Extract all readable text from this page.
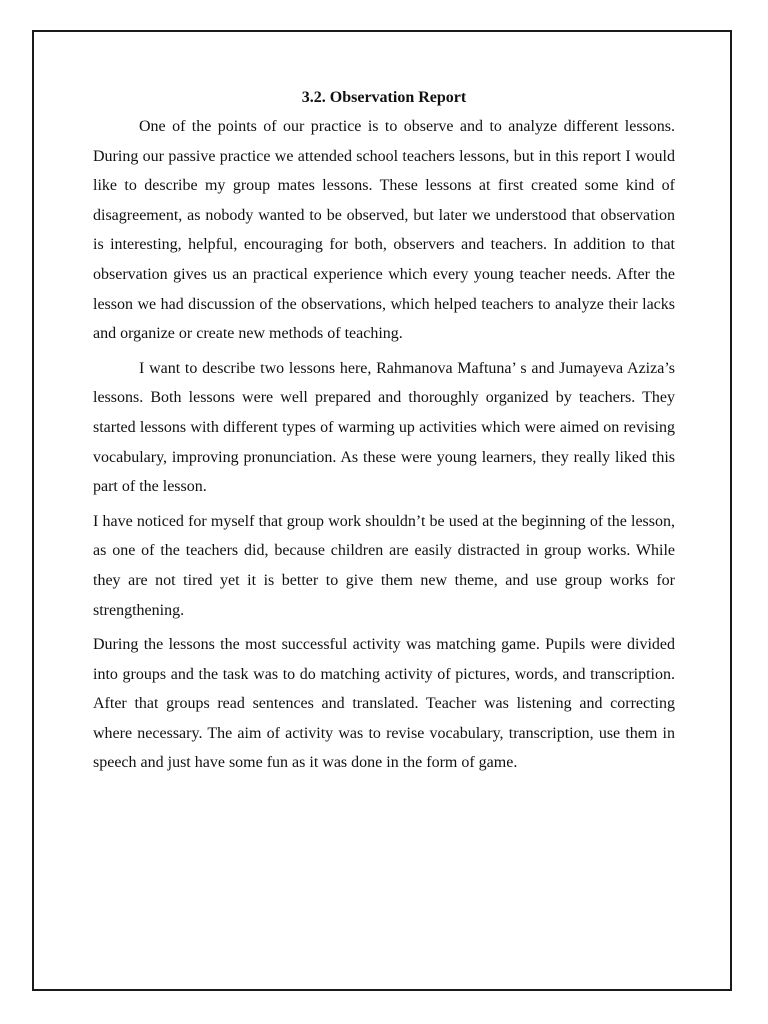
3.2. Observation Report

One of the points of our practice is to observe and to analyze different lessons. During our passive practice we attended school teachers lessons, but in this report I would like to describe my group mates lessons. These lessons at first created some kind of disagreement, as nobody wanted to be observed, but later we understood that observation is interesting, helpful, encouraging for both, observers and teachers. In addition to that observation gives us an practical experience which every young teacher needs. After the lesson we had discussion of the observations, which helped teachers to analyze their lacks and organize or create new methods of teaching.

I want to describe two lessons here, Rahmanova Maftuna’ s and Jumayeva Aziza’s lessons. Both lessons were well prepared and thoroughly organized by teachers. They started lessons with different types of warming up activities which were aimed on revising vocabulary, improving pronunciation. As these were young learners, they really liked this part of the lesson.

I have noticed for myself that group work shouldn’t be used at the beginning of the lesson, as one of the teachers did, because children are easily distracted in group works. While they are not tired yet it is better to give them new theme, and use group works for strengthening.

During the lessons the most successful activity was matching game. Pupils were divided into groups and the task was to do matching activity of pictures, words, and transcription. After that groups read sentences and translated. Teacher was listening and correcting where necessary. The aim of activity was to revise vocabulary, transcription, use them in speech and just have some fun as it was done in the form of game.
